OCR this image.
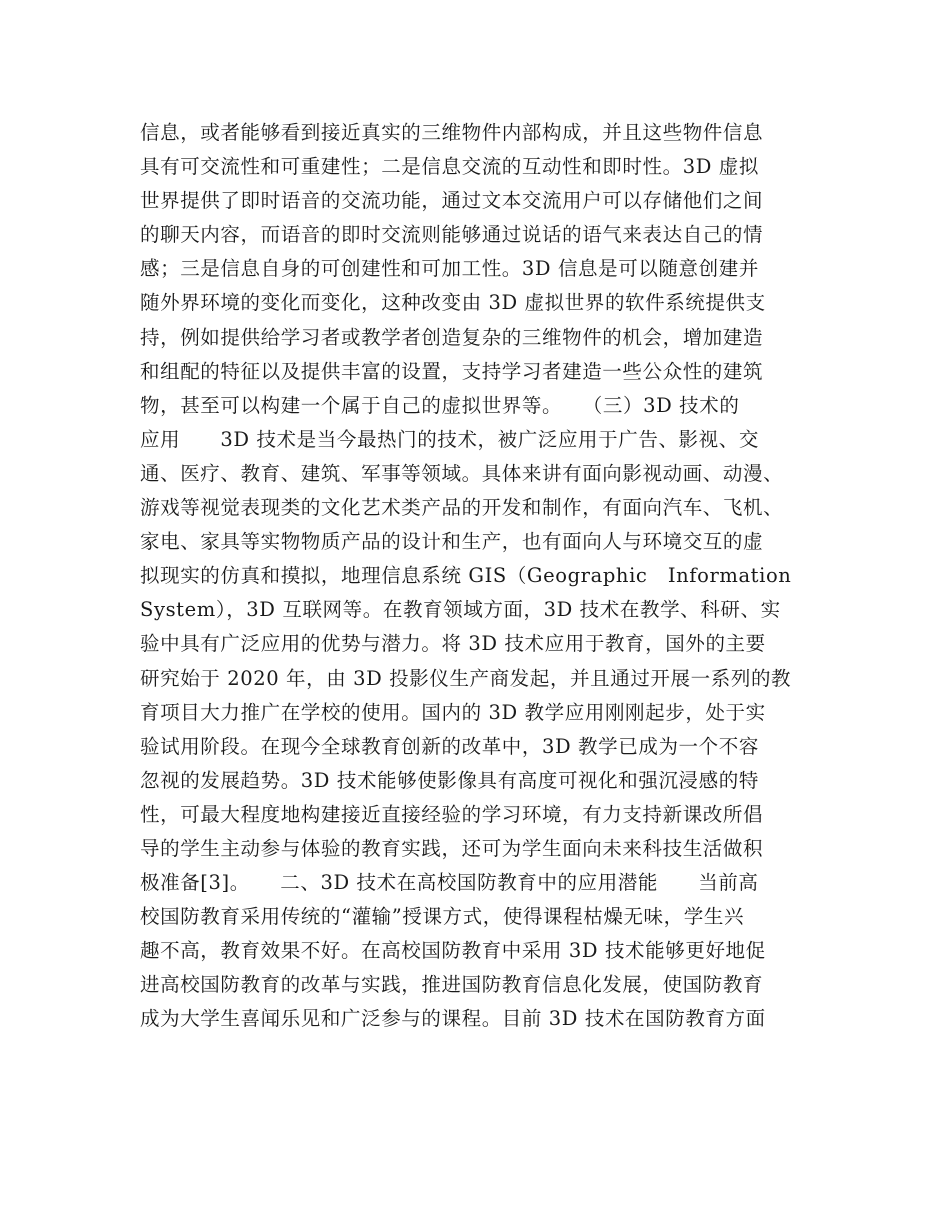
信息，或者能够看到接近真实的三维物件内部构成，并且这些物件信息
具有可交流性和可重建性；二是信息交流的互动性和即时性。3D 虚拟
世界提供了即时语音的交流功能，通过文本交流用户可以存储他们之间
的聊天内容，而语音的即时交流则能够通过说话的语气来表达自己的情
感；三是信息自身的可创建性和可加工性。3D 信息是可以随意创建并
随外界环境的变化而变化，这种改变由 3D 虚拟世界的软件系统提供支
持，例如提供给学习者或教学者创造复杂的三维物件的机会，增加建造
和组配的特征以及提供丰富的设置，支持学习者建造一些公众性的建筑
物，甚至可以构建一个属于自己的虚拟世界等。　　（三）3D 技术的
应用　　3D 技术是当今最热门的技术，被广泛应用于广告、影视、交
通、医疗、教育、建筑、军事等领域。具体来讲有面向影视动画、动漫、
游戏等视觉表现类的文化艺术类产品的开发和制作，有面向汽车、飞机、
家电、家具等实物物质产品的设计和生产，也有面向人与环境交互的虚
拟现实的仿真和摸拟，地理信息系统 GIS（Geographic   Information
System），3D 互联网等。在教育领域方面，3D 技术在教学、科研、实
验中具有广泛应用的优势与潜力。将 3D 技术应用于教育，国外的主要
研究始于 2020 年，由 3D 投影仪生产商发起，并且通过开展一系列的教
育项目大力推广在学校的使用。国内的 3D 教学应用刚刚起步，处于实
验试用阶段。在现今全球教育创新的改革中，3D 教学已成为一个不容
忽视的发展趋势。3D 技术能够使影像具有高度可视化和强沉浸感的特
性，可最大程度地构建接近直接经验的学习环境，有力支持新课改所倡
导的学生主动参与体验的教育实践，还可为学生面向未来科技生活做积
极准备[3]。　　二、3D 技术在高校国防教育中的应用潜能　　当前高
校国防教育采用传统的“灌输”授课方式，使得课程枯燥无味，学生兴
趣不高，教育效果不好。在高校国防教育中采用 3D 技术能够更好地促
进高校国防教育的改革与实践，推进国防教育信息化发展，使国防教育
成为大学生喜闻乐见和广泛参与的课程。目前 3D 技术在国防教育方面
